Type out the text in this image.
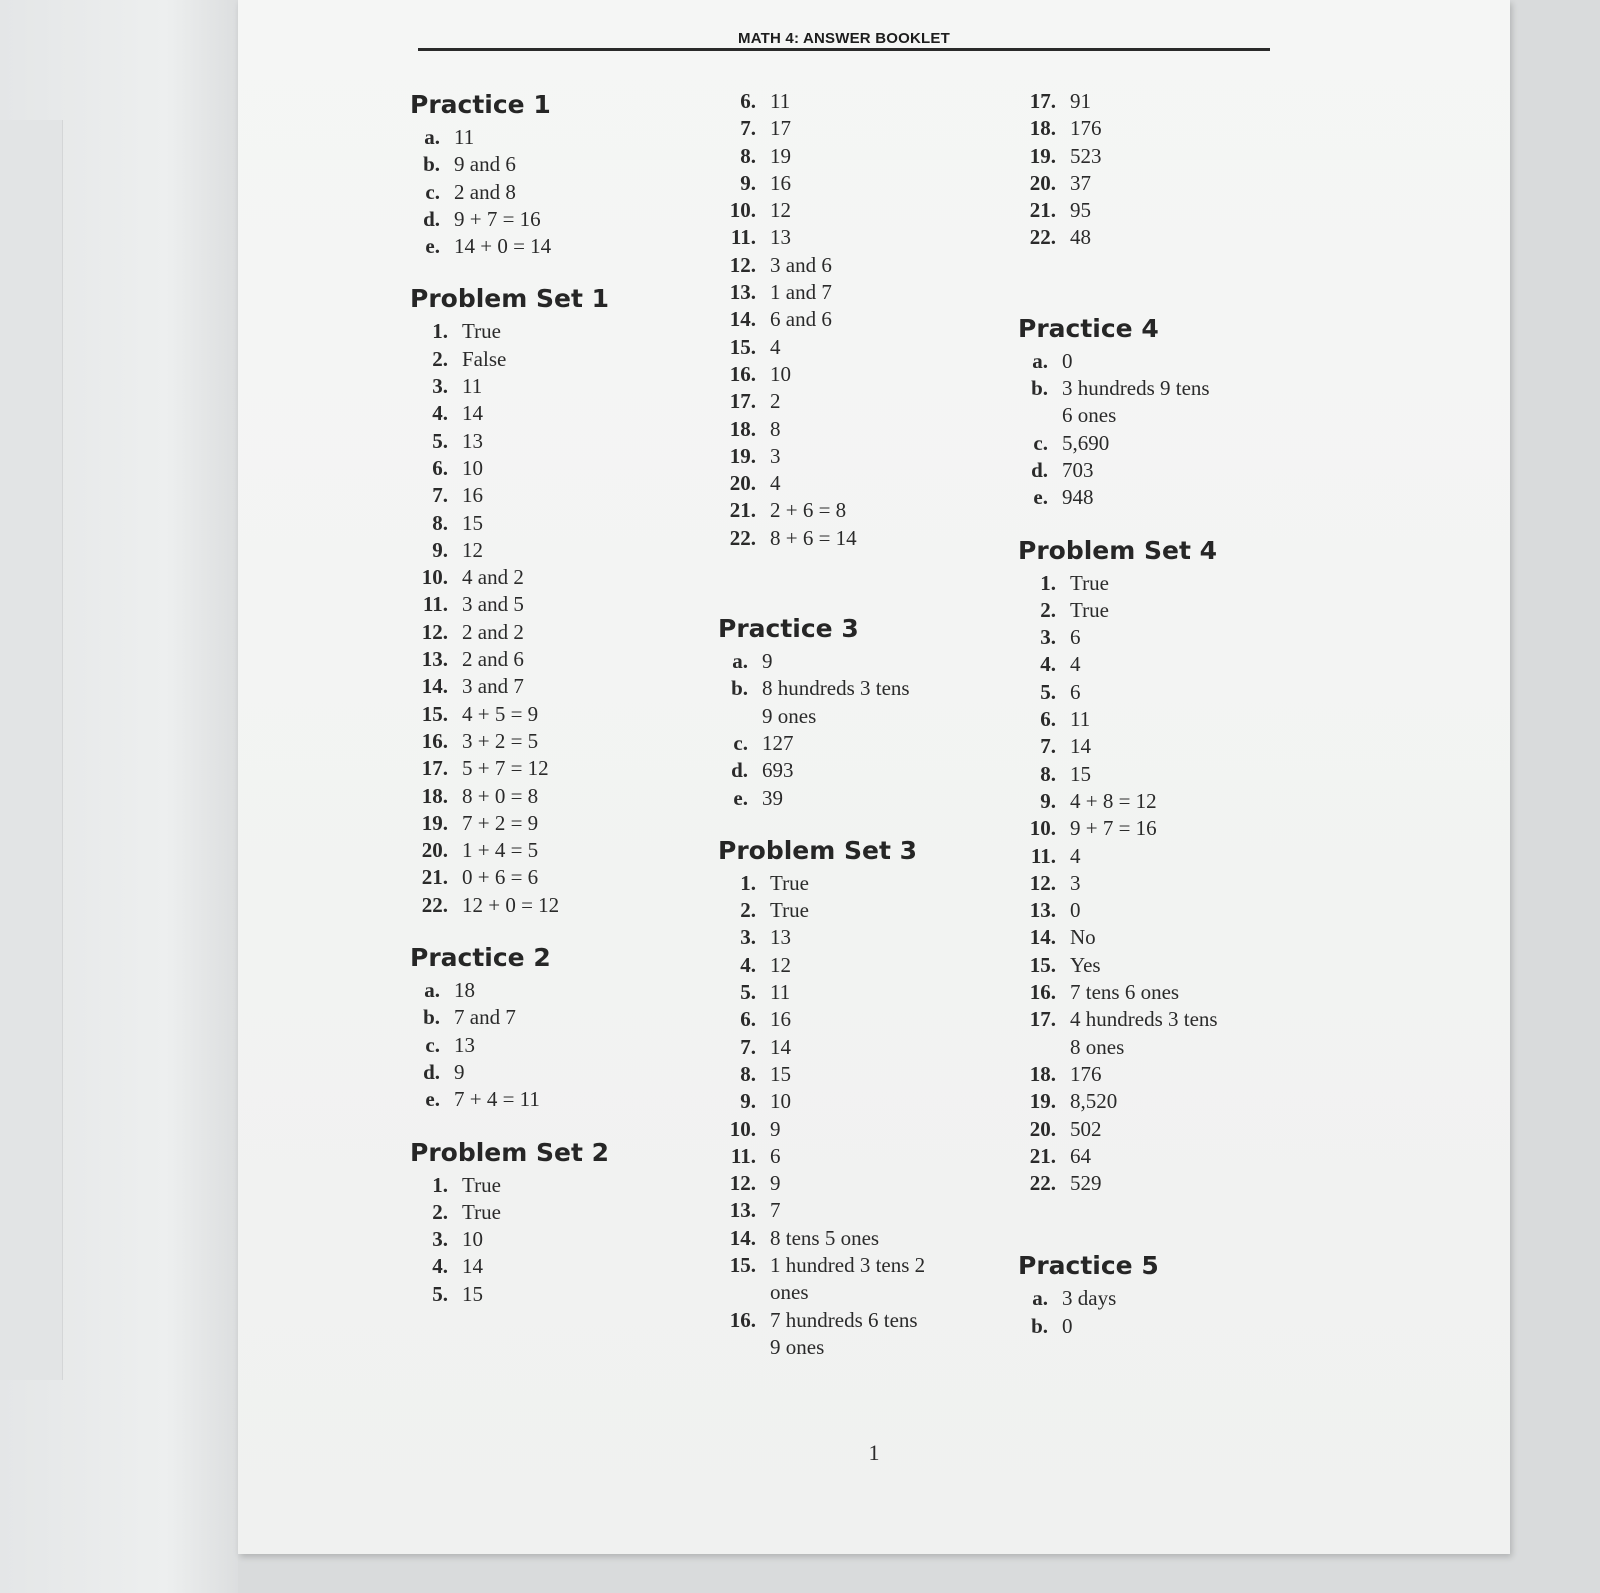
MATH 4: ANSWER BOOKLET
Practice 1
a. 11
b. 9 and 6
c. 2 and 8
d. 9 + 7 = 16
e. 14 + 0 = 14
Problem Set 1
1. True
2. False
3. 11
4. 14
5. 13
6. 10
7. 16
8. 15
9. 12
10. 4 and 2
11. 3 and 5
12. 2 and 2
13. 2 and 6
14. 3 and 7
15. 4 + 5 = 9
16. 3 + 2 = 5
17. 5 + 7 = 12
18. 8 + 0 = 8
19. 7 + 2 = 9
20. 1 + 4 = 5
21. 0 + 6 = 6
22. 12 + 0 = 12
Practice 2
a. 18
b. 7 and 7
c. 13
d. 9
e. 7 + 4 = 11
Problem Set 2
1. True
2. True
3. 10
4. 14
5. 15
6. 11
7. 17
8. 19
9. 16
10. 12
11. 13
12. 3 and 6
13. 1 and 7
14. 6 and 6
15. 4
16. 10
17. 2
18. 8
19. 3
20. 4
21. 2 + 6 = 8
22. 8 + 6 = 14
Practice 3
a. 9
b. 8 hundreds 3 tens
9 ones
c. 127
d. 693
e. 39
Problem Set 3
1. True
2. True
3. 13
4. 12
5. 11
6. 16
7. 14
8. 15
9. 10
10. 9
11. 6
12. 9
13. 7
14. 8 tens 5 ones
15. 1 hundred 3 tens 2
ones
16. 7 hundreds 6 tens
9 ones
17. 91
18. 176
19. 523
20. 37
21. 95
22. 48
Practice 4
a. 0
b. 3 hundreds 9 tens
6 ones
c. 5,690
d. 703
e. 948
Problem Set 4
1. True
2. True
3. 6
4. 4
5. 6
6. 11
7. 14
8. 15
9. 4 + 8 = 12
10. 9 + 7 = 16
11. 4
12. 3
13. 0
14. No
15. Yes
16. 7 tens 6 ones
17. 4 hundreds 3 tens
8 ones
18. 176
19. 8,520
20. 502
21. 64
22. 529
Practice 5
a. 3 days
b. 0
1
